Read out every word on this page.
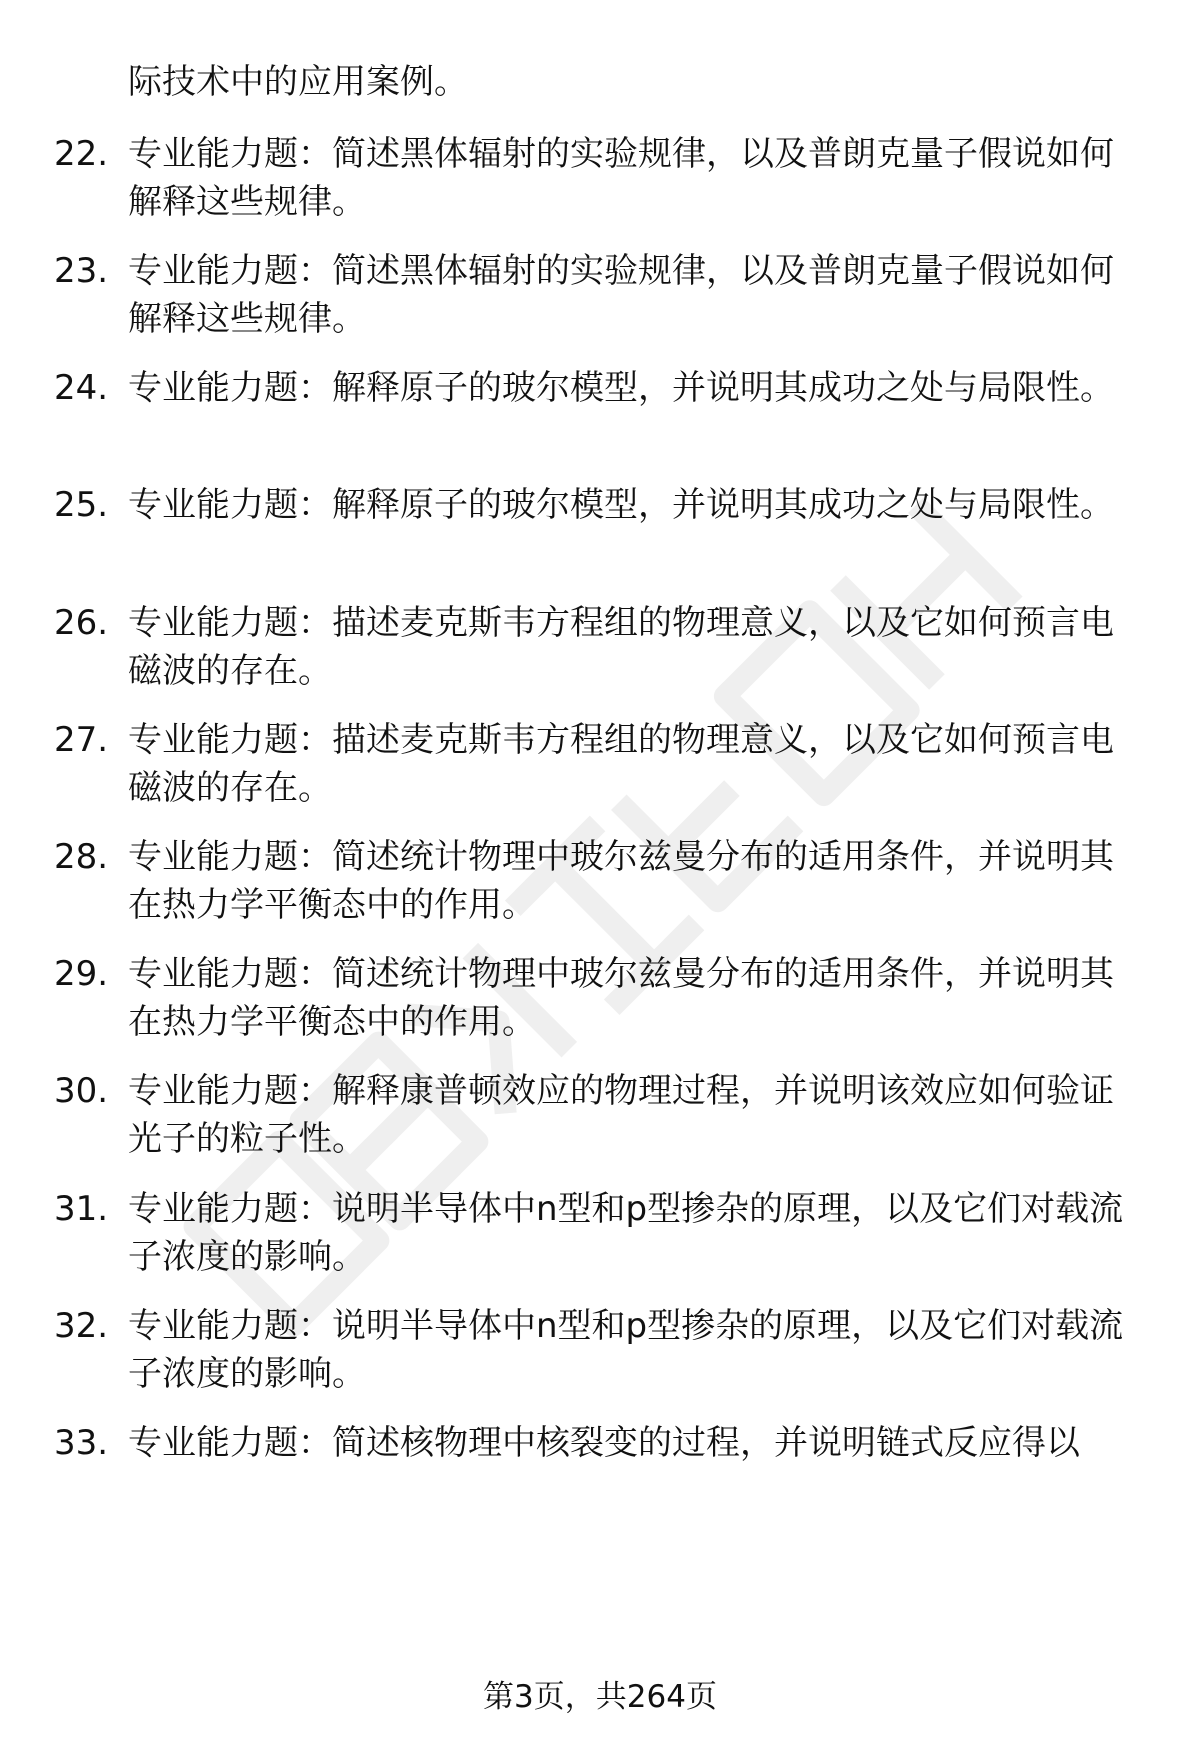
际技术中的应用案例。

22. 专业能力题：简述黑体辐射的实验规律，以及普朗克量子假说如何解释这些规律。

23. 专业能力题：简述黑体辐射的实验规律，以及普朗克量子假说如何解释这些规律。

24. 专业能力题：解释原子的玻尔模型，并说明其成功之处与局限性。

25. 专业能力题：解释原子的玻尔模型，并说明其成功之处与局限性。

26. 专业能力题：描述麦克斯韦方程组的物理意义，以及它如何预言电磁波的存在。

27. 专业能力题：描述麦克斯韦方程组的物理意义，以及它如何预言电磁波的存在。

28. 专业能力题：简述统计物理中玻尔兹曼分布的适用条件，并说明其在热力学平衡态中的作用。

29. 专业能力题：简述统计物理中玻尔兹曼分布的适用条件，并说明其在热力学平衡态中的作用。

30. 专业能力题：解释康普顿效应的物理过程，并说明该效应如何验证光子的粒子性。

31. 专业能力题：说明半导体中n型和p型掺杂的原理，以及它们对载流子浓度的影响。

32. 专业能力题：说明半导体中n型和p型掺杂的原理，以及它们对载流子浓度的影响。

33. 专业能力题：简述核物理中核裂变的过程，并说明链式反应得以

第3页，共264页
